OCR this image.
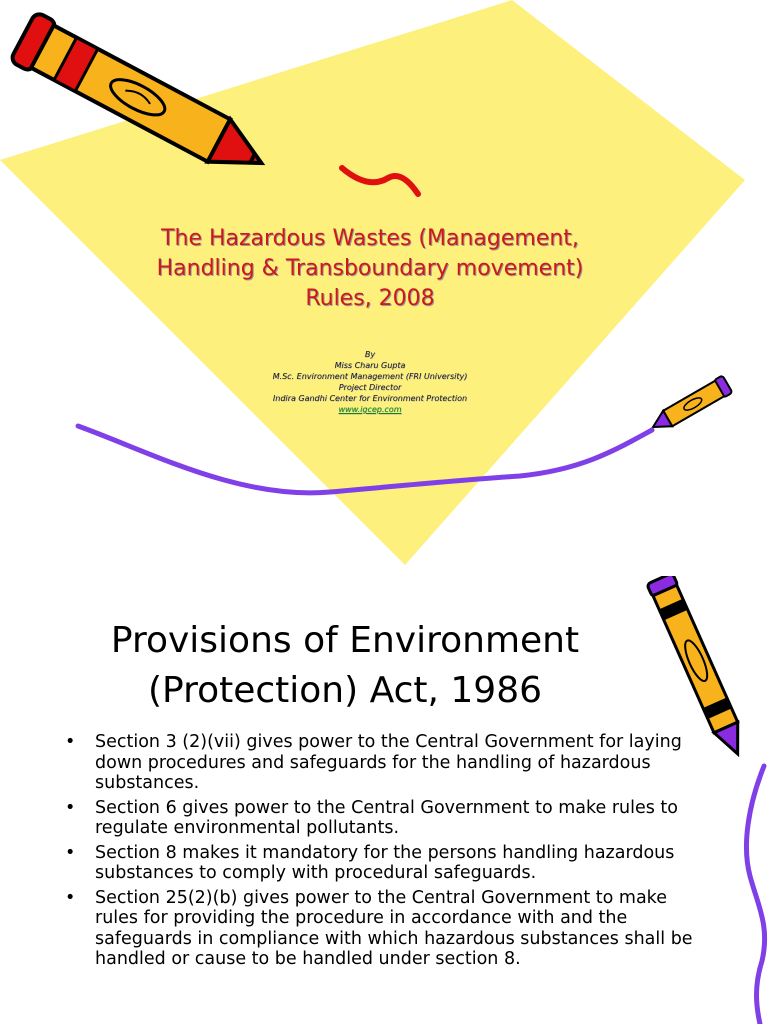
The Hazardous Wastes (Management,
Handling & Transboundary movement)
Rules, 2008
By
Miss Charu Gupta
M.Sc. Environment Management (FRI University)
Project Director
Indira Gandhi Center for Environment Protection
www.igcep.com
Provisions of Environment
(Protection) Act, 1986
• Section 3 (2)(vii) gives power to the Central Government for laying down procedures and safeguards for the handling of hazardous substances.
• Section 6 gives power to the Central Government to make rules to regulate environmental pollutants.
• Section 8 makes it mandatory for the persons handling hazardous substances to comply with procedural safeguards.
• Section 25(2)(b) gives power to the Central Government to make rules for providing the procedure in accordance with and the safeguards in compliance with which hazardous substances shall be handled or cause to be handled under section 8.
